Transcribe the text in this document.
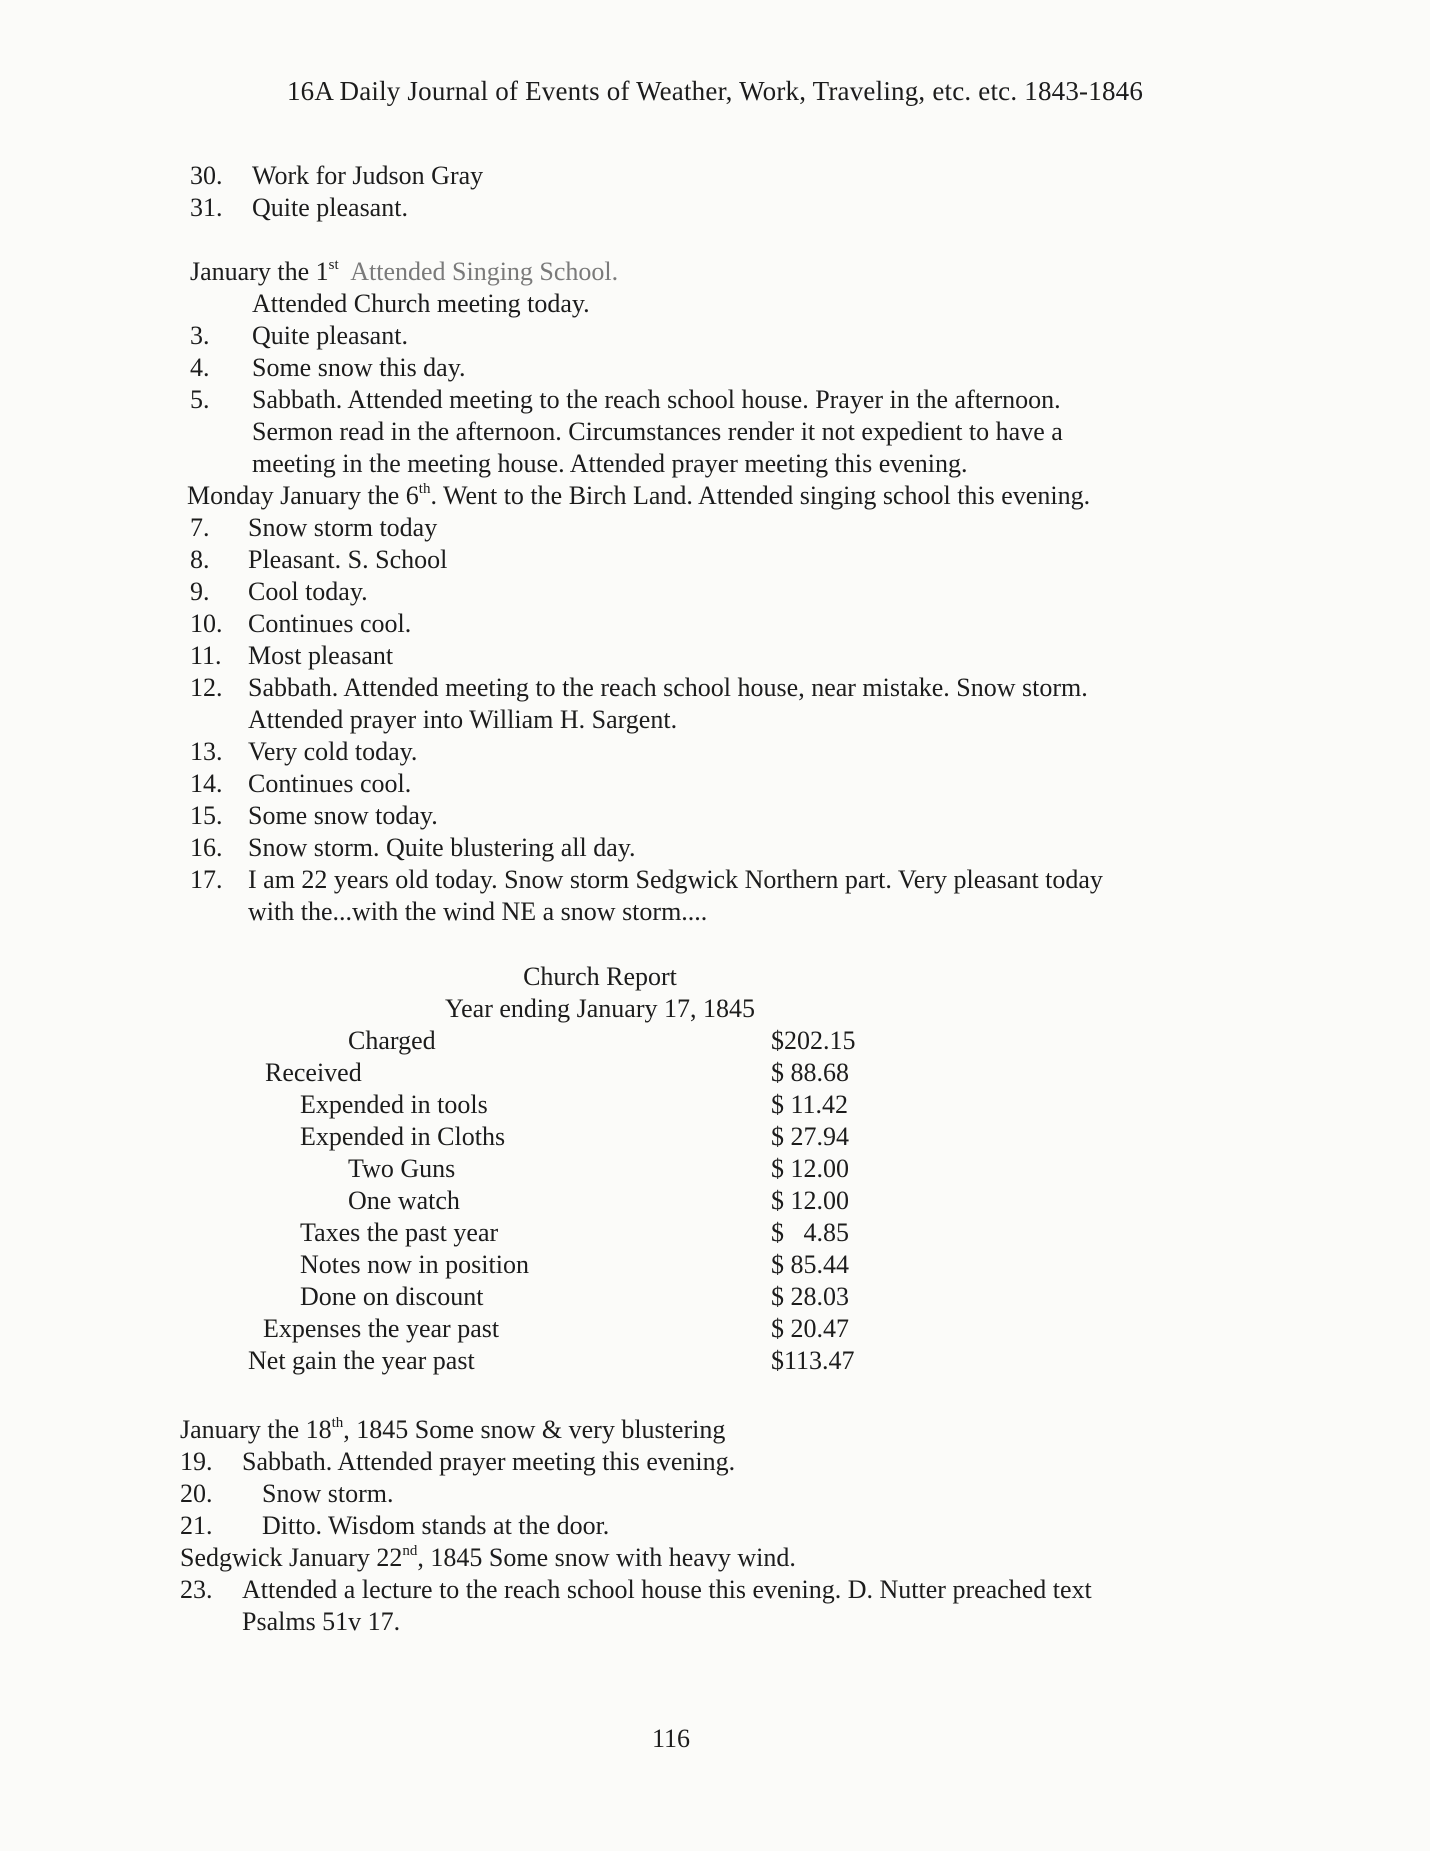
16A Daily Journal of Events of Weather, Work, Traveling, etc. etc. 1843-1846
30. Work for Judson Gray
31. Quite pleasant.
January the 1st Attended Singing School.
Attended Church meeting today.
3. Quite pleasant.
4. Some snow this day.
5. Sabbath. Attended meeting to the reach school house. Prayer in the afternoon.
Sermon read in the afternoon. Circumstances render it not expedient to have a
meeting in the meeting house. Attended prayer meeting this evening.
Monday January the 6th. Went to the Birch Land. Attended singing school this evening.
7. Snow storm today
8. Pleasant. S. School
9. Cool today.
10. Continues cool.
11. Most pleasant
12. Sabbath. Attended meeting to the reach school house, near mistake. Snow storm.
Attended prayer into William H. Sargent.
13. Very cold today.
14. Continues cool.
15. Some snow today.
16. Snow storm. Quite blustering all day.
17. I am 22 years old today. Snow storm Sedgwick Northern part. Very pleasant today
with the...with the wind NE a snow storm....
Church Report
Year ending January 17, 1845
Charged	$202.15
Received	$ 88.68
Expended in tools	$ 11.42
Expended in Cloths	$ 27.94
Two Guns	$ 12.00
One watch	$ 12.00
Taxes the past year	$   4.85
Notes now in position	$ 85.44
Done on discount	$ 28.03
Expenses the year past	$ 20.47
Net gain the year past	$113.47
January the 18th, 1845 Some snow & very blustering
19. Sabbath. Attended prayer meeting this evening.
20. Snow storm.
21. Ditto. Wisdom stands at the door.
Sedgwick January 22nd, 1845 Some snow with heavy wind.
23. Attended a lecture to the reach school house this evening. D. Nutter preached text
Psalms 51v 17.
116
